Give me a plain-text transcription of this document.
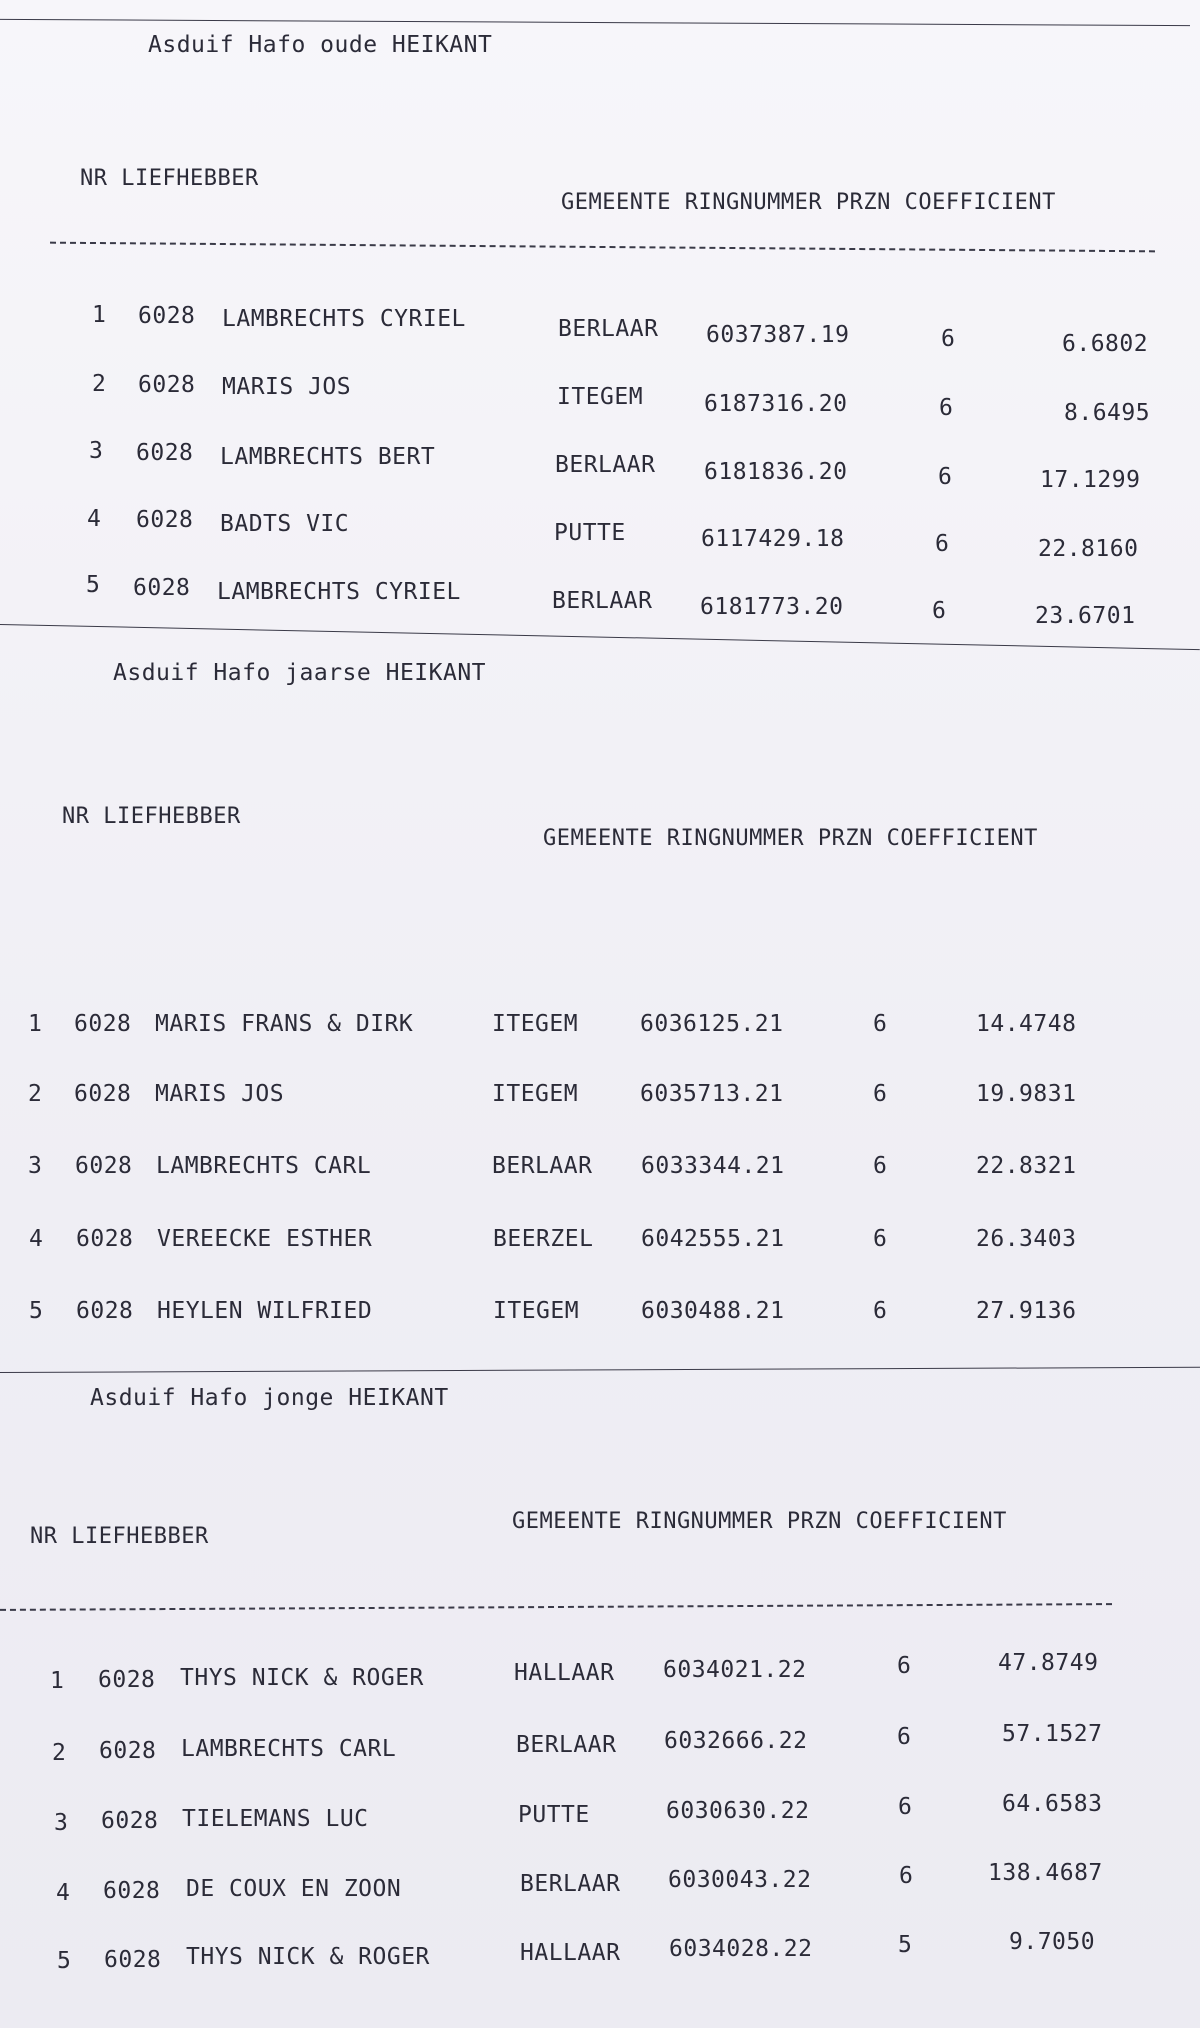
Asduif Hafo oude HEIKANT
NR LIEFHEBBER
GEMEENTE RINGNUMMER PRZN COEFFICIENT
1 6028 LAMBRECHTS CYRIEL	BERLAAR 6037387.19	6	6.6802
2 6028 MARIS JOS	ITEGEM	6187316.20	6	8.6495
3 6028 LAMBRECHTS BERT	BERLAAR 6181836.20	6	17.1299
4 6028 BADTS VIC	PUTTE	6117429.18	6	22.8160
5 6028 LAMBRECHTS CYRIEL	BERLAAR 6181773.20	6	23.6701
Asduif Hafo jaarse HEIKANT
NR LIEFHEBBER
GEMEENTE RINGNUMMER PRZN COEFFICIENT
1 6028 MARIS FRANS & DIRK	ITEGEM	6036125.21	6	14.4748
2 6028 MARIS JOS	ITEGEM	6035713.21	6	19.9831
3 6028 LAMBRECHTS CARL	BERLAAR 6033344.21	6	22.8321
4 6028 VEREECKE ESTHER	BEERZEL 6042555.21	6	26.3403
5 6028 HEYLEN WILFRIED	ITEGEM	6030488.21	6	27.9136
Asduif Hafo jonge HEIKANT
NR LIEFHEBBER
GEMEENTE RINGNUMMER PRZN COEFFICIENT
1 6028 THYS NICK & ROGER	HALLAAR 6034021.22	6	47.8749
2 6028 LAMBRECHTS CARL	BERLAAR 6032666.22	6	57.1527
3 6028 TIELEMANS LUC	PUTTE	6030630.22	6	64.6583
4 6028 DE COUX EN ZOON	BERLAAR 6030043.22	6	138.4687
5 6028 THYS NICK & ROGER	HALLAAR 6034028.22	5	9.7050
